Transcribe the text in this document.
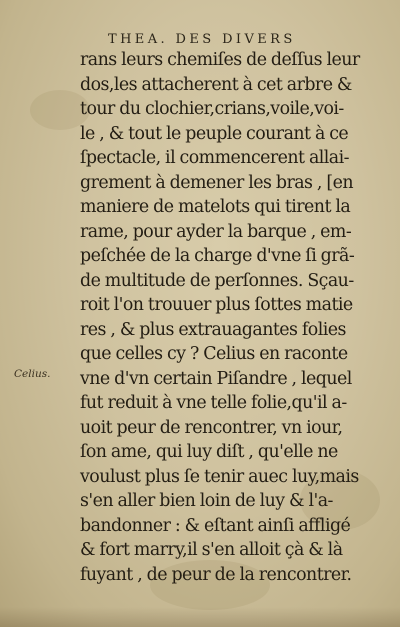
THEA. DES DIVERS
Celius.
rans leurs chemiſes de deſſus leur
dos,les attacherent à cet arbre &
tour du clochier,crians,voile,voi-
le , & tout le peuple courant à ce
ſpectacle, il commencerent allai-
grement à demener les bras , [en
maniere de matelots qui tirent la
rame, pour ayder la barque , em-
peſchée de la charge d'vne ſi grã-
de multitude de perſonnes. Sçau-
roit l'on trouuer plus ſottes matie
res , & plus extrauagantes folies
que celles cy ? Celius en raconte
vne d'vn certain Piſandre , lequel
fut reduit à vne telle folie,qu'il a-
uoit peur de rencontrer, vn iour,
ſon ame, qui luy diſt , qu'elle ne
voulust plus ſe tenir auec luy,mais
s'en aller bien loin de luy & l'a-
bandonner : & eſtant ainſi affligé
& fort marry,il s'en alloit çà & là
fuyant , de peur de la rencontrer.
